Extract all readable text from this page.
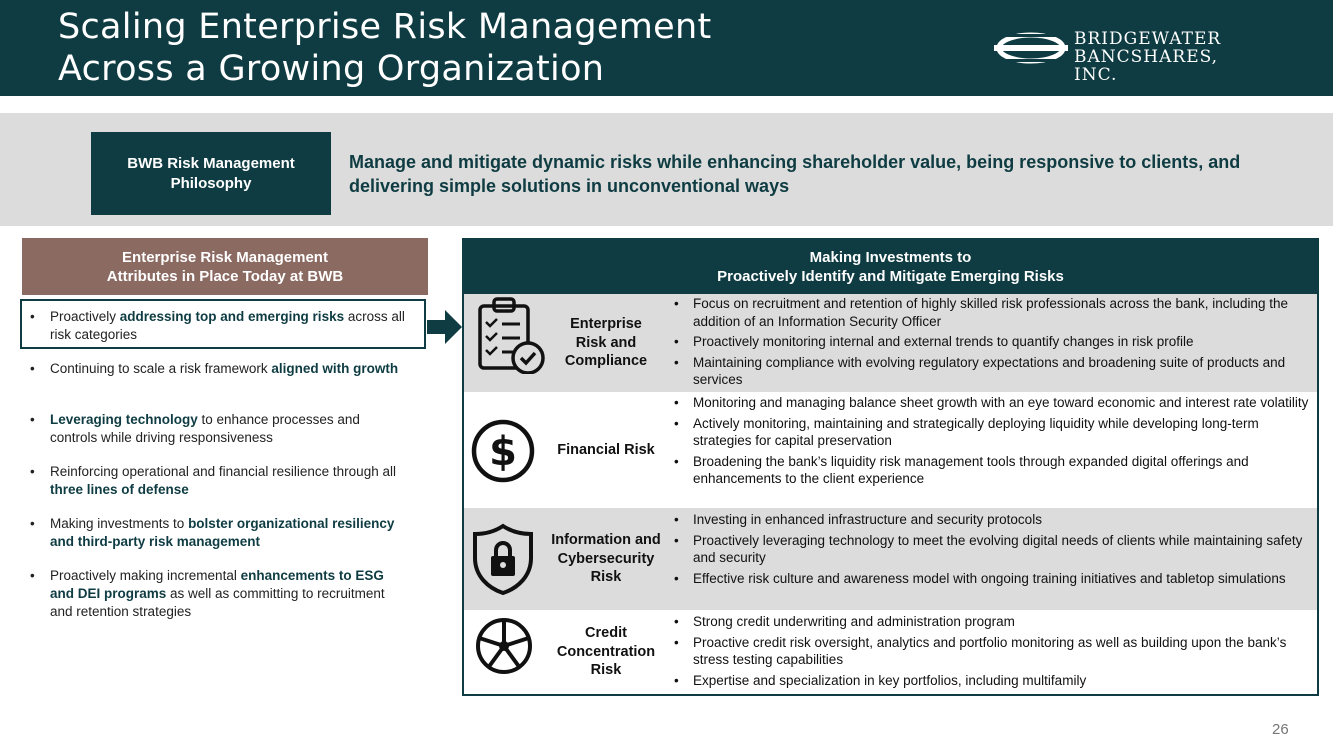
Scaling Enterprise Risk Management
Across a Growing Organization
BRIDGEWATER
BANCSHARES, INC.
BWB Risk Management
Philosophy
Manage and mitigate dynamic risks while enhancing shareholder value, being responsive to clients, and delivering simple solutions in unconventional ways
Enterprise Risk Management
Attributes in Place Today at BWB
• Proactively addressing top and emerging risks across all risk categories
• Continuing to scale a risk framework aligned with growth
• Leveraging technology to enhance processes and controls while driving responsiveness
• Reinforcing operational and financial resilience through all three lines of defense
• Making investments to bolster organizational resiliency and third-party risk management
• Proactively making incremental enhancements to ESG and DEI programs as well as committing to recruitment and retention strategies
Making Investments to
Proactively Identify and Mitigate Emerging Risks
Enterprise
Risk and
Compliance

• Focus on recruitment and retention of highly skilled risk professionals across the bank, including the addition of an Information Security Officer

• Proactively monitoring internal and external trends to quantify changes in risk profile

• Maintaining compliance with evolving regulatory expectations and broadening suite of products and services

$	Financial Risk

• Monitoring and managing balance sheet growth with an eye toward economic and interest rate volatility

• Actively monitoring, maintaining and strategically deploying liquidity while developing long-term strategies for capital preservation

• Broadening the bank’s liquidity risk management tools through expanded digital offerings and enhancements to the client experience

Information and
Cybersecurity
Risk

• Investing in enhanced infrastructure and security protocols

• Proactively leveraging technology to meet the evolving digital needs of clients while maintaining safety and security

• Effective risk culture and awareness model with ongoing training initiatives and tabletop simulations

Credit
Concentration
Risk

• Strong credit underwriting and administration program

• Proactive credit risk oversight, analytics and portfolio monitoring as well as building upon the bank’s stress testing capabilities

• Expertise and specialization in key portfolios, including multifamily

26
